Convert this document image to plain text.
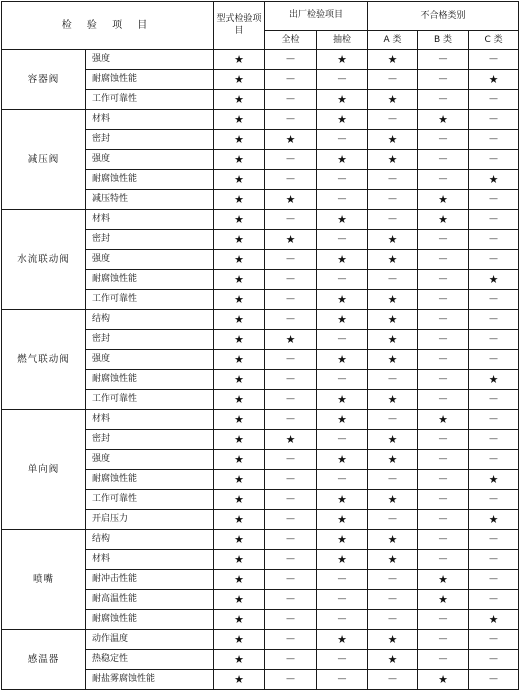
检 验 项 目		型式检验项目	出厂检验项目		不合格类别		
			全检	抽检	A 类	B 类	C 类
容器阀	强度	★	—	★	★	—	—
	耐腐蚀性能	★	—	—	—	—	★
	工作可靠性	★	—	★	★	—	—
减压阀	材料	★	—	★	—	★	—
	密封	★	★	—	★	—	—
	强度	★	—	★	★	—	—
	耐腐蚀性能	★	—	—	—	—	★
	减压特性	★	★	—	—	★	—
水流联动阀	材料	★	—	★	—	★	—
	密封	★	★	—	★	—	—
	强度	★	—	★	★	—	—
	耐腐蚀性能	★	—	—	—	—	★
	工作可靠性	★	—	★	★	—	—
燃气联动阀	结构	★	—	★	★	—	—
	密封	★	★	—	★	—	—
	强度	★	—	★	★	—	—
	耐腐蚀性能	★	—	—	—	—	★
	工作可靠性	★	—	★	★	—	—
单向阀	材料	★	—	★	—	★	—
	密封	★	★	—	★	—	—
	强度	★	—	★	★	—	—
	耐腐蚀性能	★	—	—	—	—	★
	工作可靠性	★	—	★	★	—	—
	开启压力	★	—	★	—	—	★
喷嘴	结构	★	—	★	★	—	—
	材料	★	—	★	★	—	—
	耐冲击性能	★	—	—	—	★	—
	耐高温性能	★	—	—	—	★	—
	耐腐蚀性能	★	—	—	—	—	★
感温器	动作温度	★	—	★	★	—	—
	热稳定性	★	—	—	★	—	—
	耐盐雾腐蚀性能	★	—	—	—	★	—
